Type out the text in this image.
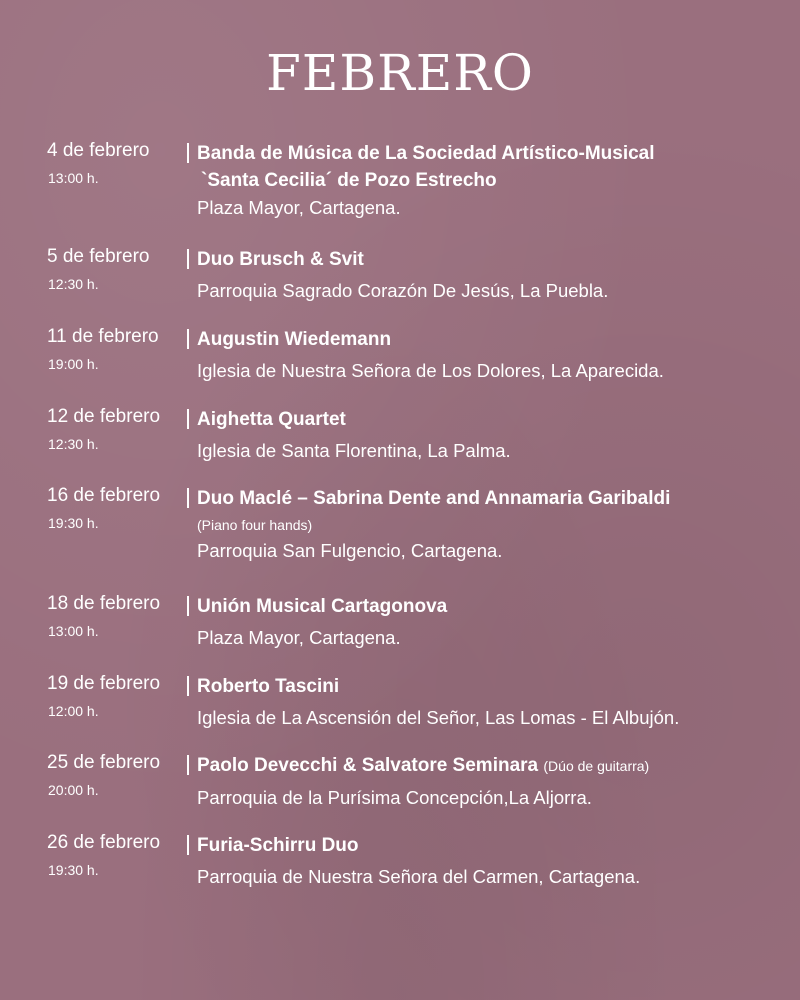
FEBRERO
4 de febrero
13:00 h.
Banda de Música de La Sociedad Artístico-Musical
`Santa Cecilia´ de Pozo Estrecho
Plaza Mayor, Cartagena.
5 de febrero
12:30 h.
Duo Brusch & Svit
Parroquia Sagrado Corazón De Jesús, La Puebla.
11 de febrero
19:00 h.
Augustin Wiedemann
Iglesia de Nuestra Señora de Los Dolores, La Aparecida.
12 de febrero
12:30 h.
Aighetta Quartet
Iglesia de Santa Florentina, La Palma.
16 de febrero
19:30 h.
Duo Maclé – Sabrina Dente and Annamaria Garibaldi
(Piano four hands)
Parroquia San Fulgencio, Cartagena.
18 de febrero
13:00 h.
Unión Musical Cartagonova
Plaza Mayor, Cartagena.
19 de febrero
12:00 h.
Roberto Tascini
Iglesia de La Ascensión del Señor, Las Lomas - El Albujón.
25 de febrero
20:00 h.
Paolo Devecchi & Salvatore Seminara (Dúo de guitarra)
Parroquia de la Purísima Concepción,La Aljorra.
26 de febrero
19:30 h.
Furia-Schirru Duo
Parroquia de Nuestra Señora del Carmen, Cartagena.
